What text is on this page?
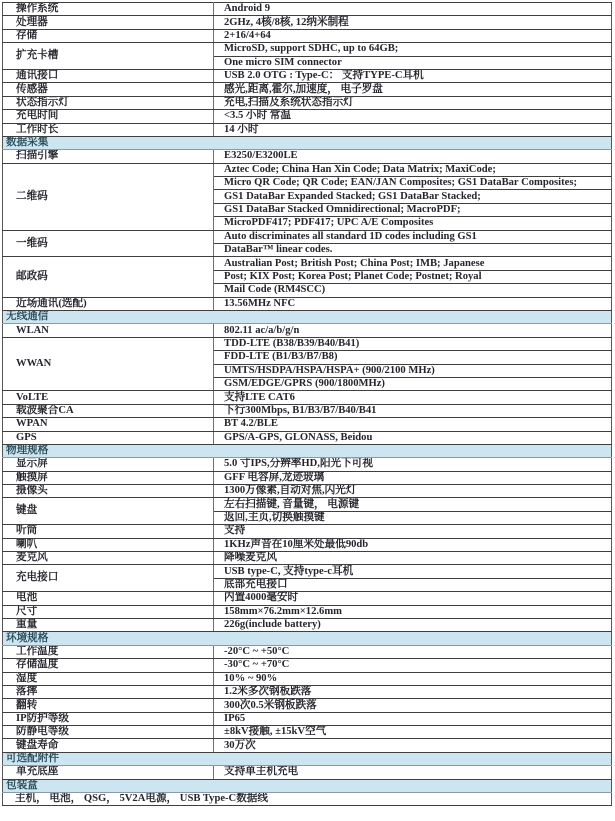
操作系统	Android 9
处理器	2GHz, 4核/8核, 12纳米制程
存储	2+16/4+64
扩充卡槽	MicroSD, support SDHC, up to 64GB;
	One micro SIM connector
通讯接口	USB 2.0 OTG : Type-C： 支持TYPE-C耳机
传感器	感光,距离,霍尔,加速度， 电子罗盘
状态指示灯	充电,扫描及系统状态指示灯
充电时间	<3.5 小时 常温
工作时长	14 小时
数据采集	
扫描引擎	E3250/E3200LE
二维码	Aztec Code; China Han Xin Code; Data Matrix; MaxiCode;
	Micro QR Code; QR Code; EAN/JAN Composites; GS1 DataBar Composites;
	GS1 DataBar Expanded Stacked; GS1 DataBar Stacked;
	GS1 DataBar Stacked Omnidirectional; MacroPDF;
	MicroPDF417; PDF417; UPC A/E Composites
一维码	Auto discriminates all standard 1D codes including GS1
	DataBar™ linear codes.
邮政码	Australian Post; British Post; China Post; IMB; Japanese
	Post; KIX Post; Korea Post; Planet Code; Postnet; Royal
	Mail Code (RM4SCC)
近场通讯(选配)	13.56MHz NFC
无线通信	
WLAN	802.11 ac/a/b/g/n
WWAN	TDD-LTE (B38/B39/B40/B41)
	FDD-LTE (B1/B3/B7/B8)
	UMTS/HSDPA/HSPA/HSPA+ (900/2100 MHz)
	GSM/EDGE/GPRS (900/1800MHz)
VoLTE	支持LTE CAT6
载波聚合CA	下行300Mbps, B1/B3/B7/B40/B41
WPAN	BT 4.2/BLE
GPS	GPS/A-GPS, GLONASS, Beidou
物理规格	
显示屏	5.0 寸IPS,分辨率HD,阳光下可视
触摸屏	GFF 电容屏,龙迹玻璃
摄像头	1300万像素,自动对焦,闪光灯
键盘	左右扫描键, 音量键， 电源键
	返回,主页,切换触摸键
听筒	支持
喇叭	1KHz声音在10厘米处最低90db
麦克风	降噪麦克风
充电接口	USB type-C, 支持type-c耳机
	底部充电接口
电池	内置4000毫安时
尺寸	158mm×76.2mm×12.6mm
重量	226g(include battery)
环境规格	
工作温度	-20°C ~ +50°C
存储温度	-30°C ~ +70°C
湿度	10% ~ 90%
落摔	1.2米多次钢板跌落
翻转	300次0.5米钢板跌落
IP防护等级	IP65
防静电等级	±8kV接触, ±15kV空气
键盘寿命	30万次
可选配附件	
单充底座	支持单主机充电
包装盒	
主机， 电池， QSG， 5V2A电源， USB Type-C数据线	
